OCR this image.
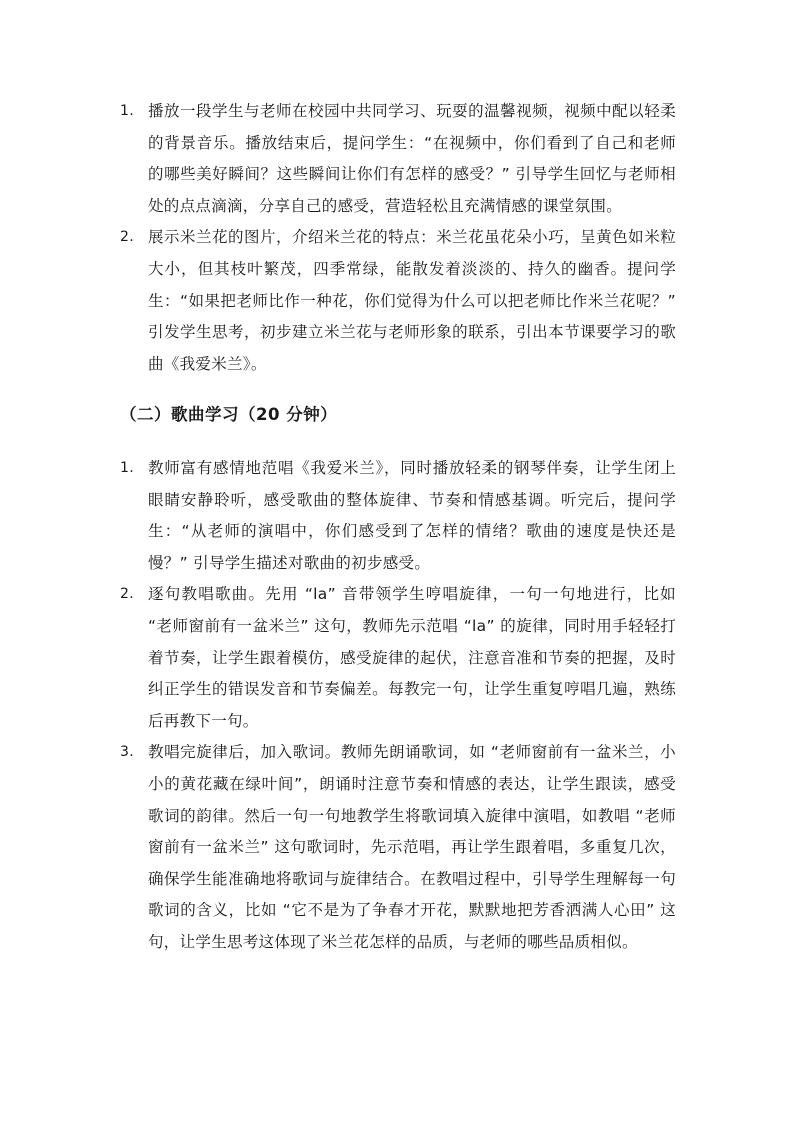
1. 播放一段学生与老师在校园中共同学习、玩耍的温馨视频，视频中配以轻柔的背景音乐。播放结束后，提问学生：“在视频中，你们看到了自己和老师的哪些美好瞬间？这些瞬间让你们有怎样的感受？” 引导学生回忆与老师相处的点点滴滴，分享自己的感受，营造轻松且充满情感的课堂氛围。
2. 展示米兰花的图片，介绍米兰花的特点：米兰花虽花朵小巧，呈黄色如米粒大小，但其枝叶繁茂，四季常绿，能散发着淡淡的、持久的幽香。提问学生：“如果把老师比作一种花，你们觉得为什么可以把老师比作米兰花呢？” 引发学生思考，初步建立米兰花与老师形象的联系，引出本节课要学习的歌曲《我爱米兰》。
（二）歌曲学习（20 分钟）
1. 教师富有感情地范唱《我爱米兰》，同时播放轻柔的钢琴伴奏，让学生闭上眼睛安静聆听，感受歌曲的整体旋律、节奏和情感基调。听完后，提问学生：“从老师的演唱中，你们感受到了怎样的情绪？歌曲的速度是快还是慢？” 引导学生描述对歌曲的初步感受。
2. 逐句教唱歌曲。先用 “la” 音带领学生哼唱旋律，一句一句地进行，比如 “老师窗前有一盆米兰” 这句，教师先示范唱 “la” 的旋律，同时用手轻轻打着节奏，让学生跟着模仿，感受旋律的起伏，注意音准和节奏的把握，及时纠正学生的错误发音和节奏偏差。每教完一句，让学生重复哼唱几遍，熟练后再教下一句。
3. 教唱完旋律后，加入歌词。教师先朗诵歌词，如 “老师窗前有一盆米兰，小小的黄花藏在绿叶间”，朗诵时注意节奏和情感的表达，让学生跟读，感受歌词的韵律。然后一句一句地教学生将歌词填入旋律中演唱，如教唱 “老师窗前有一盆米兰” 这句歌词时，先示范唱，再让学生跟着唱，多重复几次，确保学生能准确地将歌词与旋律结合。在教唱过程中，引导学生理解每一句歌词的含义，比如 “它不是为了争春才开花，默默地把芳香洒满人心田” 这句，让学生思考这体现了米兰花怎样的品质，与老师的哪些品质相似。
